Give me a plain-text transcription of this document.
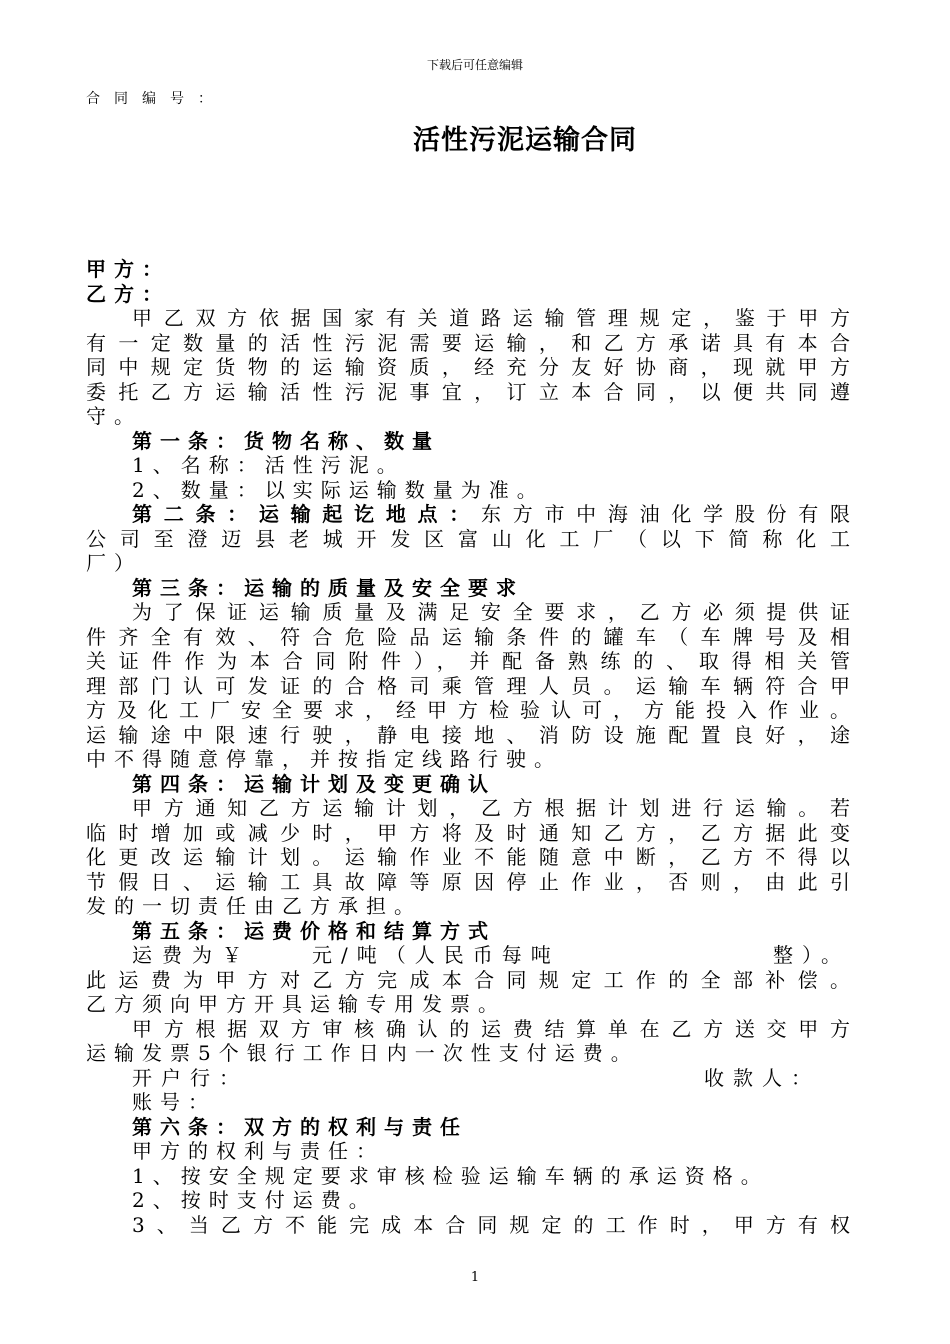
下载后可任意编辑
合同编号：
活性污泥运输合同
甲方：
乙方：
甲乙双方依据国家有关道路运输管理规定，鉴于甲方
有一定数量的活性污泥需要运输，和乙方承诺具有本合
同中规定货物的运输资质，经充分友好协商，现就甲方
委托乙方运输活性污泥事宜，订立本合同，以便共同遵
守。
第一条：货物名称、数量
1、名称：活性污泥。
2、数量：以实际运输数量为准。
第二条：运输起讫地点：东方市中海油化学股份有限
公司至澄迈县老城开发区富山化工厂（以下简称化工
厂）
第三条：运输的质量及安全要求
为了保证运输质量及满足安全要求，乙方必须提供证
件齐全有效、符合危险品运输条件的罐车（车牌号及相
关证件作为本合同附件），并配备熟练的、取得相关管
理部门认可发证的合格司乘管理人员。运输车辆符合甲
方及化工厂安全要求，经甲方检验认可，方能投入作业。
运输途中限速行驶，静电接地、消防设施配置良好，途
中不得随意停靠，并按指定线路行驶。
第四条：运输计划及变更确认
甲方通知乙方运输计划，乙方根据计划进行运输。若
临时增加或减少时，甲方将及时通知乙方，乙方据此变
化更改运输计划。运输作业不能随意中断，乙方不得以
节假日、运输工具故障等原因停止作业，否则，由此引
发的一切责任由乙方承担。
第五条：运费价格和结算方式
运费为￥	元/吨（人民币每吨	整）。
此运费为甲方对乙方完成本合同规定工作的全部补偿。
乙方须向甲方开具运输专用发票。
甲方根据双方审核确认的运费结算单在乙方送交甲方
运输发票5个银行工作日内一次性支付运费。
开户行：	收款人：
账号：
第六条：双方的权利与责任
甲方的权利与责任：
1、按安全规定要求审核检验运输车辆的承运资格。
2、按时支付运费。
3、当乙方不能完成本合同规定的工作时，甲方有权
1
